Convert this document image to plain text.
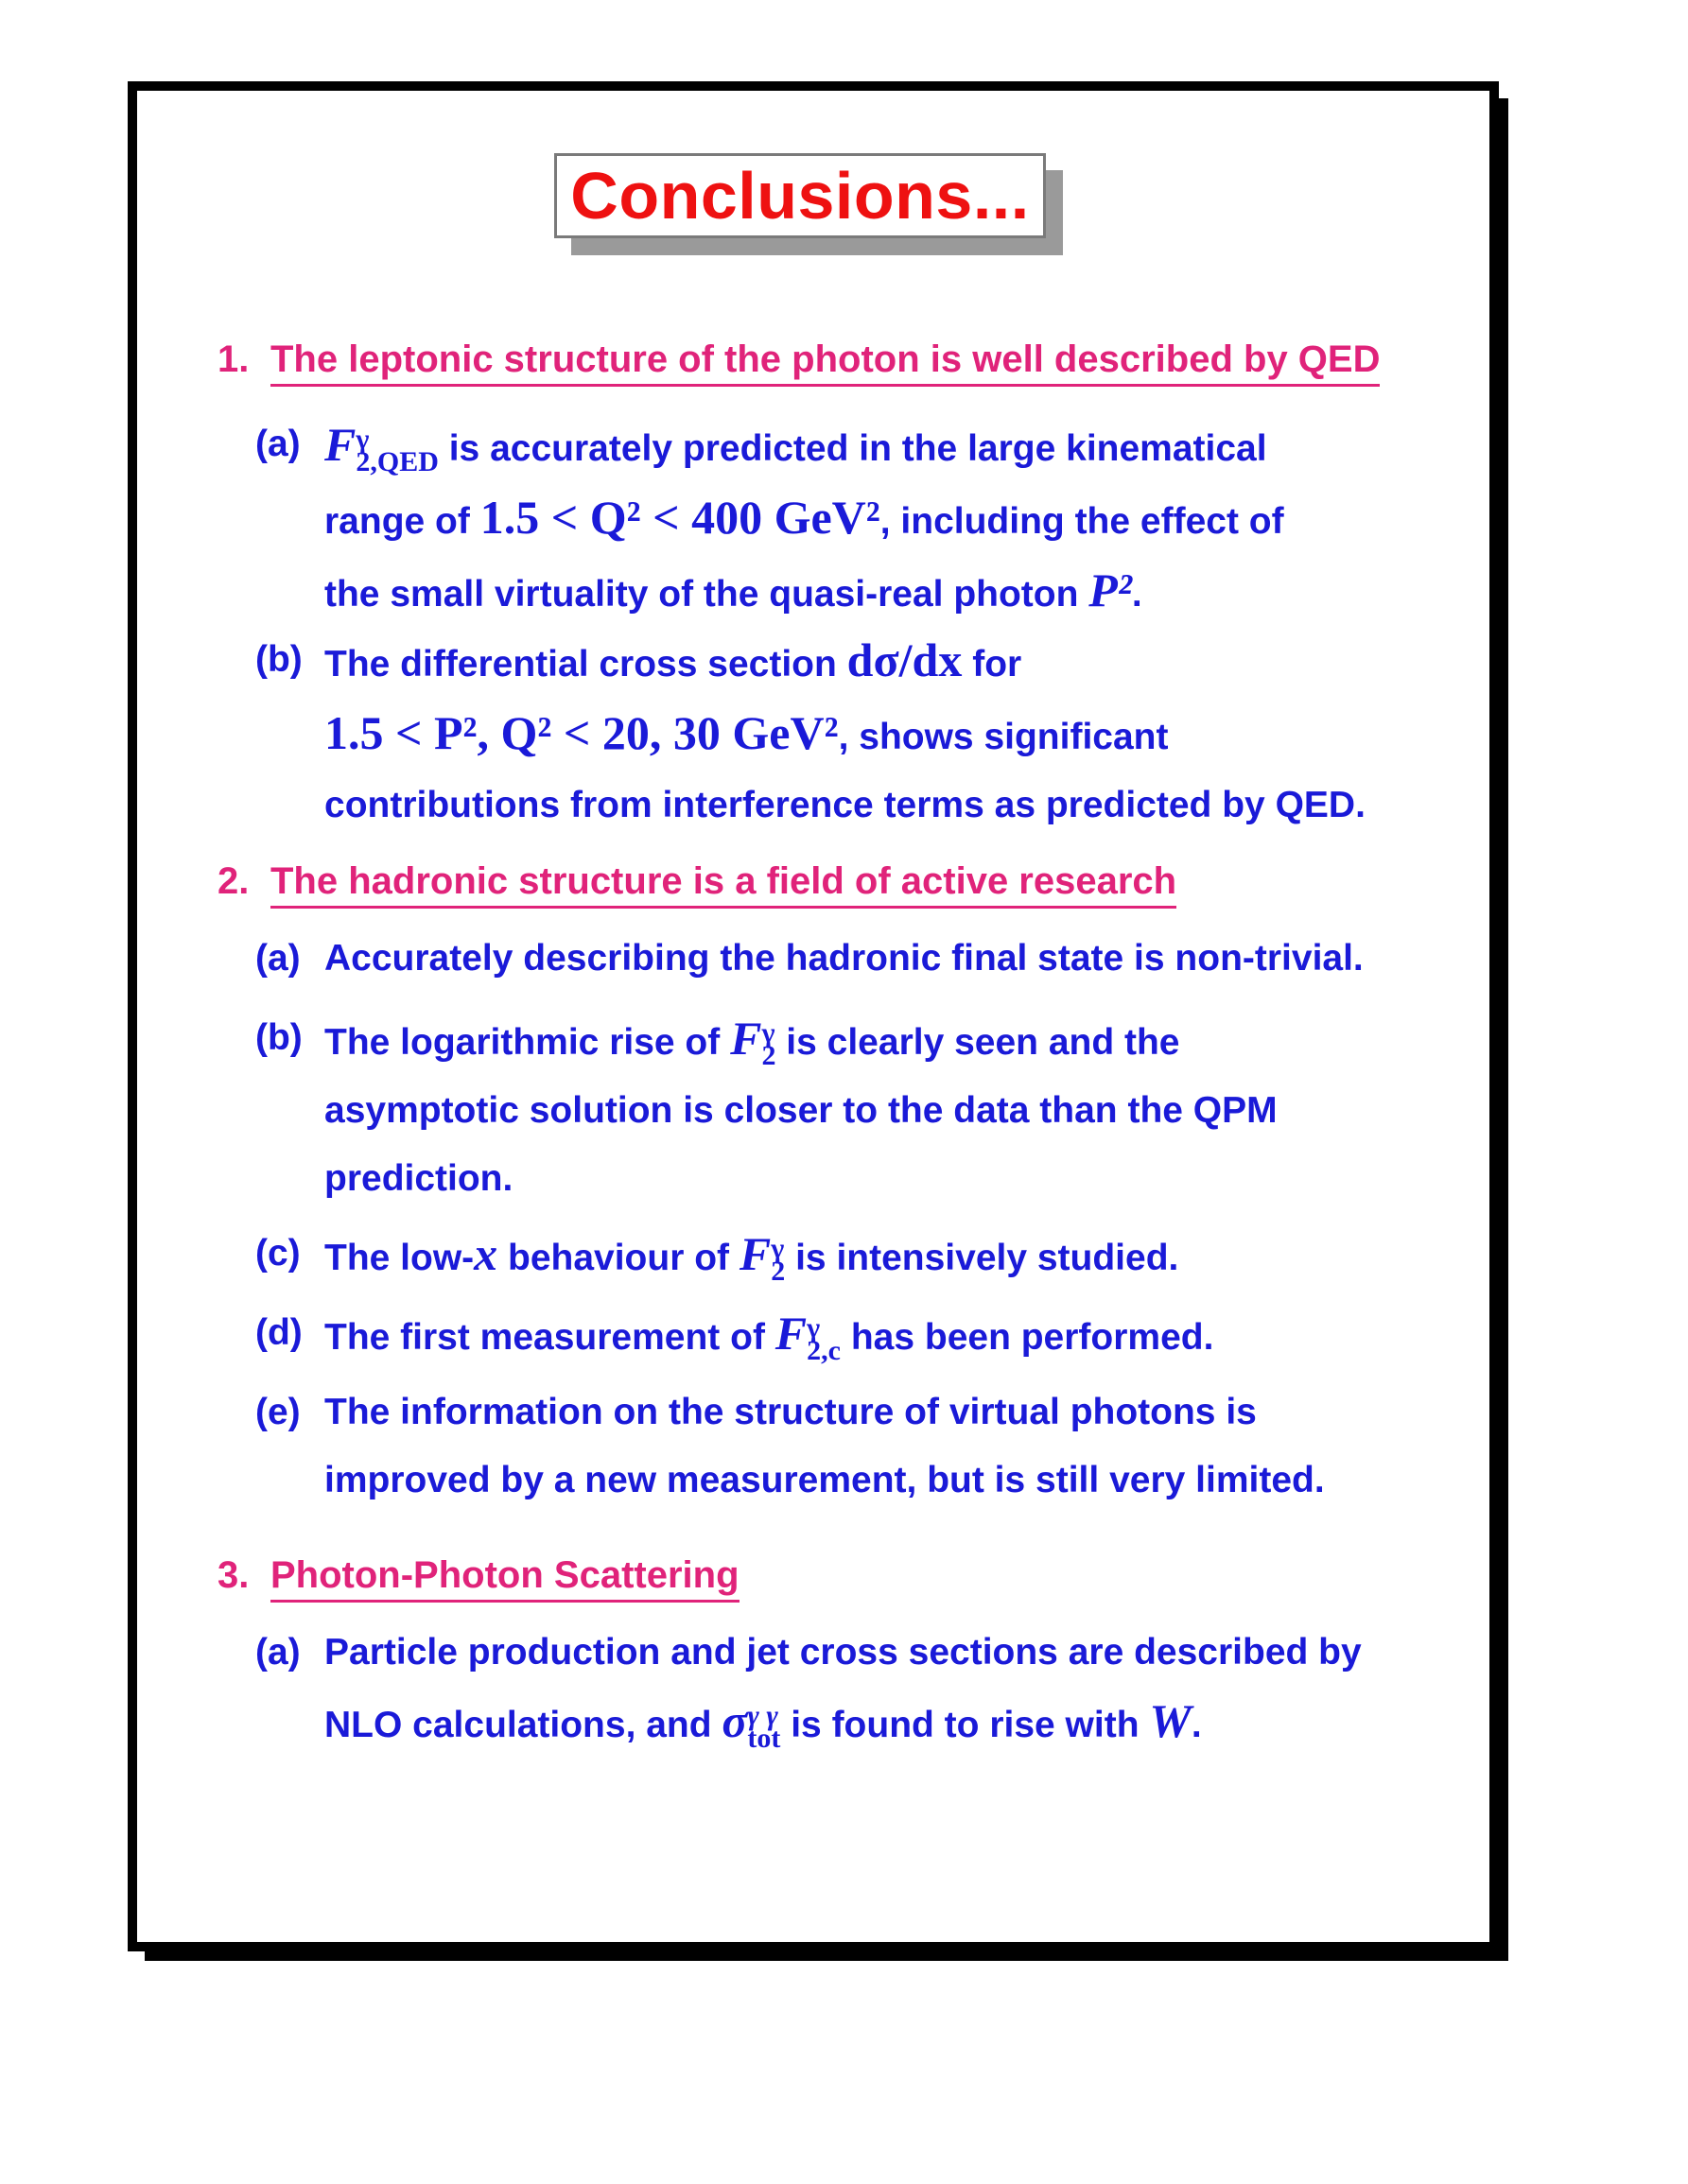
Conclusions...
1. The leptonic structure of the photon is well described by QED
(a) F γ
2,QED is accurately predicted in the large kinematical
range of 1.5 < Q² < 400 GeV², including the effect of
the small virtuality of the quasi-real photon P².
(b) The differential cross section dσ/dx for
1.5 < P², Q² < 20, 30 GeV², shows significant
contributions from interference terms as predicted by QED.
2. The hadronic structure is a field of active research
(a) Accurately describing the hadronic final state is non-trivial.
(b) The logarithmic rise of F γ
2 is clearly seen and the
asymptotic solution is closer to the data than the QPM
prediction.
(c) The low-x behaviour of F γ
2 is intensively studied.
(d) The first measurement of F γ
2,c has been performed.
(e) The information on the structure of virtual photons is
improved by a new measurement, but is still very limited.
3. Photon-Photon Scattering
(a) Particle production and jet cross sections are described by
NLO calculations, and σ γ γ
tot is found to rise with W.
